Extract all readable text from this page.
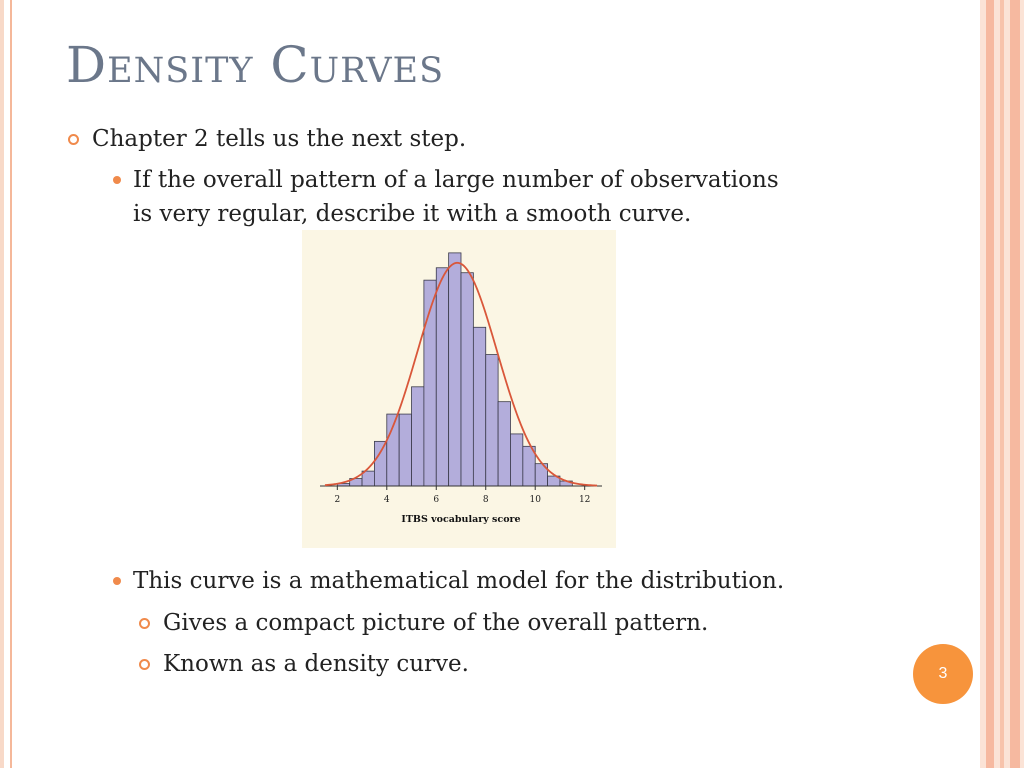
Density Curves
Chapter 2 tells us the next step.
If the overall pattern of a large number of observations
is very regular, describe it with a smooth curve.
2	4	6	8	10	12
ITBS vocabulary score
This curve is a mathematical model for the distribution.
Gives a compact picture of the overall pattern.
Known as a density curve.	3
